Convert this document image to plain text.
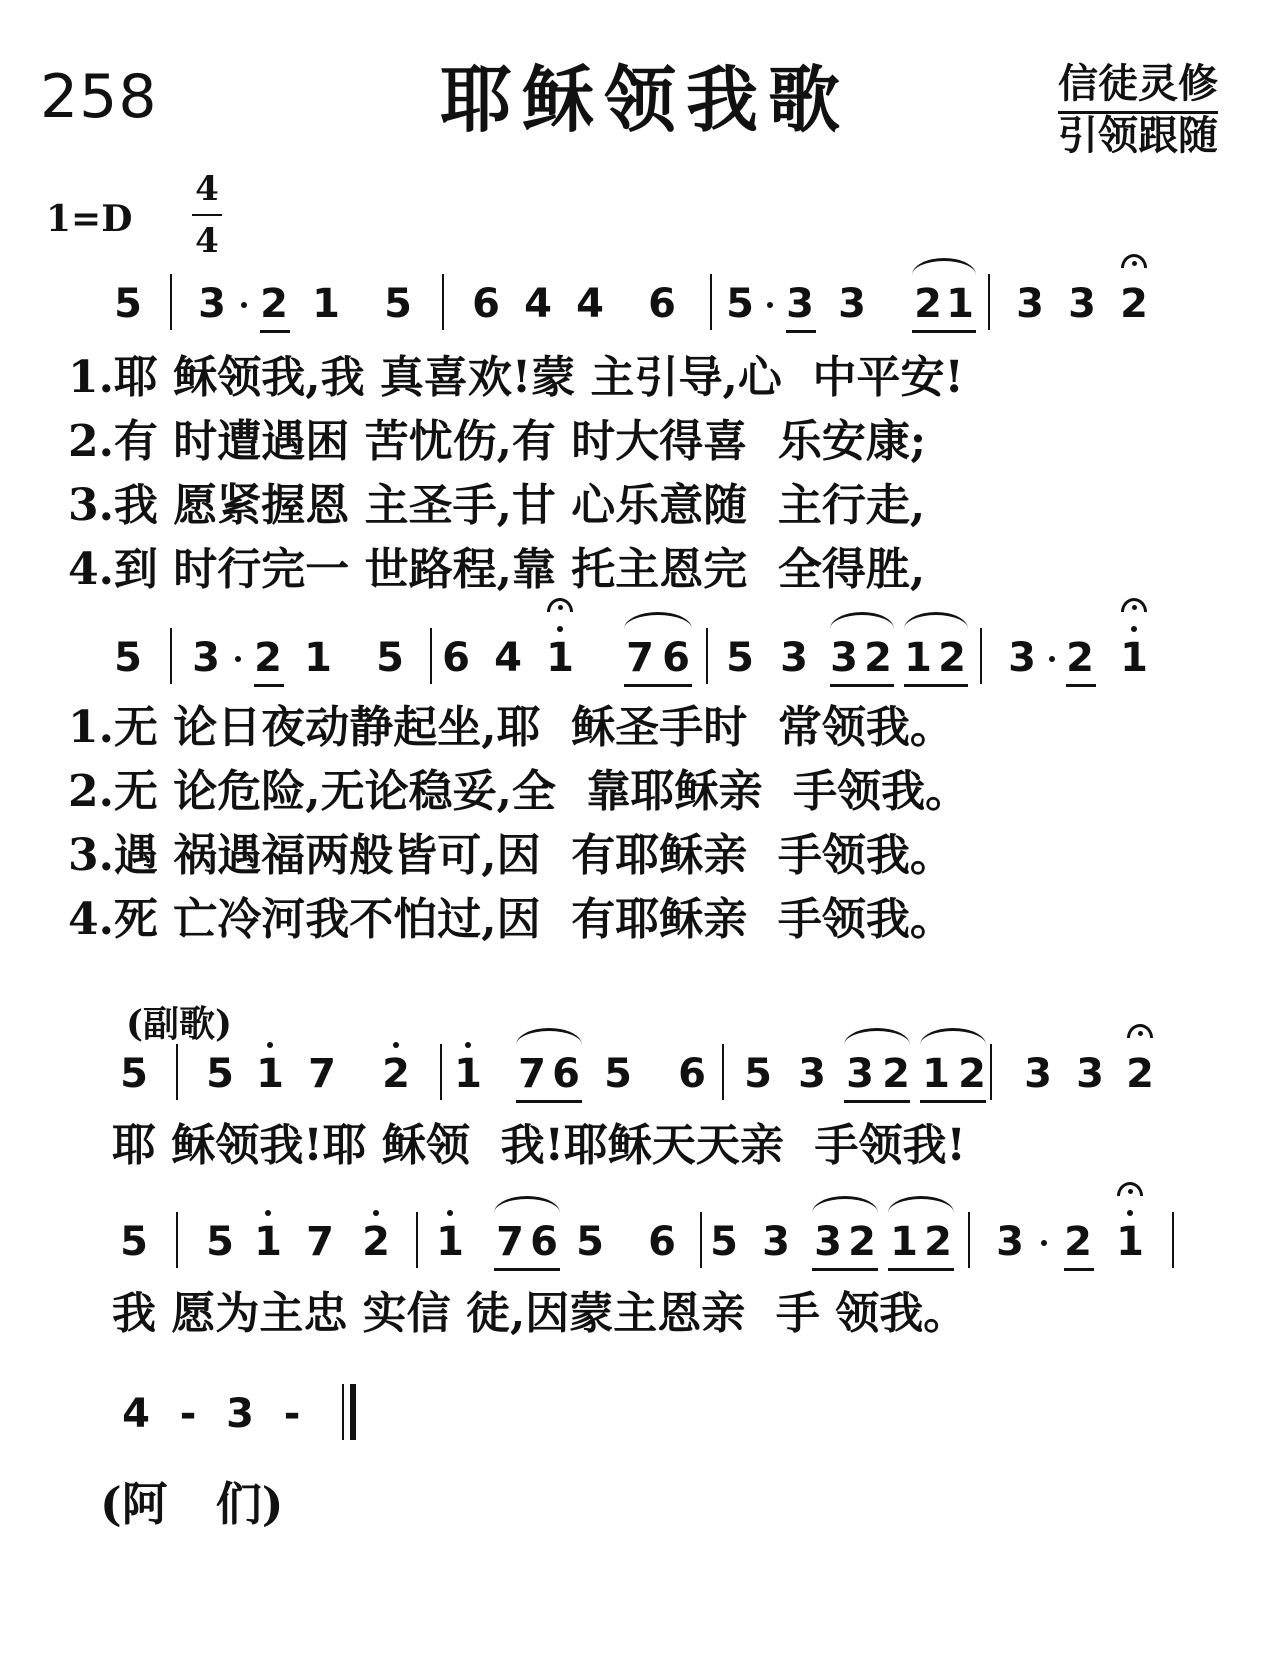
258	耶稣领我歌	信徒灵修
引领跟随
1=D
4
4
5 3 2 1 5 6 4 4 6 5 3 3 2 1 3 3 2
5 3 2 1 5 6 4 1 7 6 5 3 3 2 1 2 3 2 1
5 5 1 7 2 1 7 6 5 6 5 3 3 2 1 2 3 3 2
5 5 1 7 2 1 7 6 5 6 5 3 3 2 1 2 3 2 1
4 - 3 -
1.耶 稣领我,我 真喜欢!蒙 主引导,心  中平安!
2.有 时遭遇困 苦忧伤,有 时大得喜  乐安康;
3.我 愿紧握恩 主圣手,甘 心乐意随  主行走,
4.到 时行完一 世路程,靠 托主恩完  全得胜,
1.无 论日夜动静起坐,耶  稣圣手时  常领我。
2.无 论危险,无论稳妥,全  靠耶稣亲  手领我。
3.遇 祸遇福两般皆可,因  有耶稣亲  手领我。
4.死 亡冷河我不怕过,因  有耶稣亲  手领我。
(副歌)
耶 稣领我!耶 稣领  我!耶稣天天亲  手领我!
我 愿为主忠 实信 徒,因蒙主恩亲  手 领我。
(阿   们)
